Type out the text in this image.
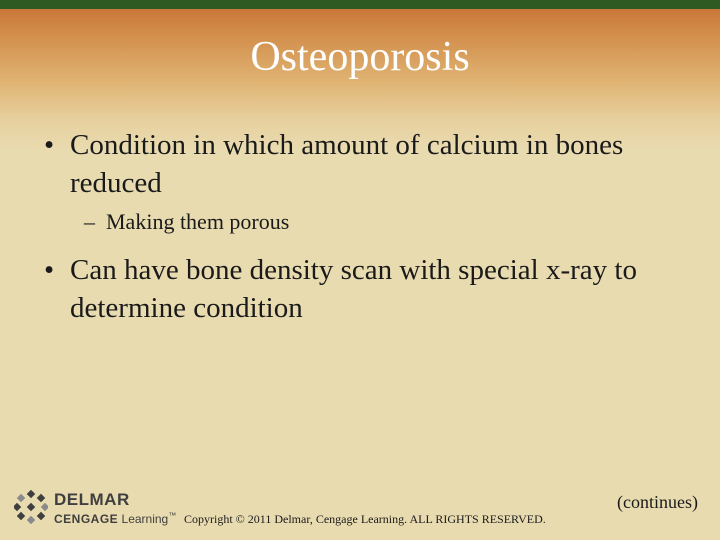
Osteoporosis
• Condition in which amount of calcium in bones reduced
– Making them porous
• Can have bone density scan with special x-ray to determine condition
DELMAR
CENGAGE Learning™ Copyright © 2011 Delmar, Cengage Learning. ALL RIGHTS RESERVED.
(continues)
